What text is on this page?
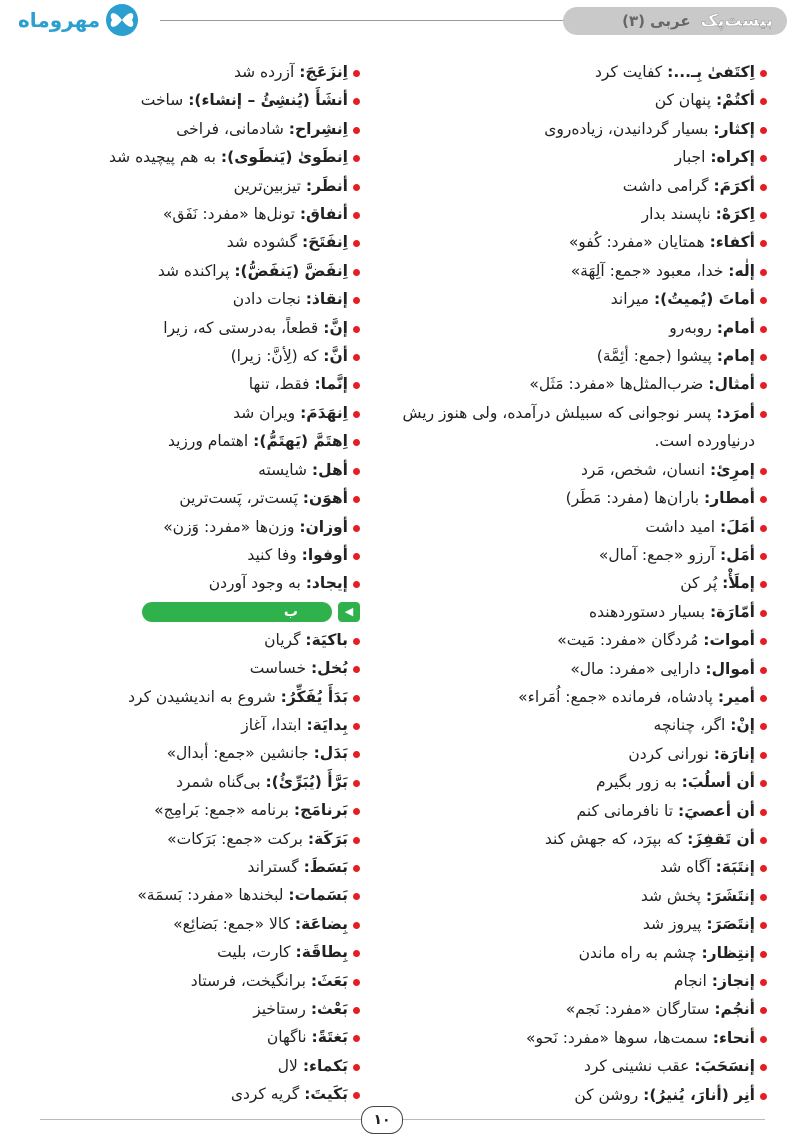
مهروماه	بیست‌پک
عربی (۳)
اِکتَفیٰ بِـ...: کفایت کرد
أکتُمْ: پنهان کن
إکثار: بسیار گردانیدن، زیاده‌روی
إکراه: اجبار
أکرَمَ: گرامی داشت
اِکرَهْ: ناپسند بدار
أکفاء: همتایان «مفرد: کُفو»
إلٰه: خدا، معبود «جمع: آلِهَة»
أماتَ (یُمیتُ): میراند
أمام: روبه‌رو
إمام: پیشوا (جمع: أئِمَّة)
أمثال: ضرب‌المثل‌ها «مفرد: مَثَل»
أمرَد: پسر نوجوانی که سبیلش درآمده، ولی هنوز ریش درنیاورده است.
إمرِئ: انسان، شخص، مَرد
أمطار: باران‌ها (مفرد: مَطَر)
أمَلَ: امید داشت
أمَل: آرزو «جمع: آمال»
إملَأْ: پُر کن
أمّارَة: بسیار دستوردهنده
أموات: مُردگان «مفرد: مَیت»
أموال: دارایی «مفرد: مال»
أمیر: پادشاه، فرمانده «جمع: اُمَراء»
إنْ: اگر، چنانچه
إنارَة: نورانی کردن
أن أسلُبَ: به زور بگیرم
أن أعصيَ: تا نافرمانی کنم
أن تَقفِزَ: که بپرَد، که جهش کند
إنتَبَهَ: آگاه شد
إنتَشَرَ: پخش شد
إنتَصَرَ: پیروز شد
إنتِظار: چشم به راه ماندن
إنجاز: انجام
أنجُم: ستارگان «مفرد: نَجم»
أنحاء: سمت‌ها، سوها «مفرد: نَحو»
إنسَحَبَ: عقب نشینی کرد
أنِر (أنارَ، یُنیرُ): روشن کن
اِنزَعَجَ: آزرده شد
أنشَأَ (یُنشِئُ – إنشاء): ساخت
اِنشِراح: شادمانی، فراخی
اِنطَویٰ (یَنطَوی): به هم پیچیده شد
أنطَر: تیزبین‌ترین
أنفاق: تونل‌ها «مفرد: نَفَق»
اِنفَتَحَ: گشوده شد
اِنفَضَّ (یَنفَضُّ): پراکنده شد
إنقاذ: نجات دادن
إنَّ: قطعاً، به‌درستی که، زیرا
أنَّ: که (لِأنَّ: زیرا)
إنَّما: فقط، تنها
اِنهَدَمَ: ویران شد
اِهتَمَّ (یَهتَمُّ): اهتمام ورزید
أهل: شایسته
أهوَن: پَست‌تر، پَست‌ترین
أوزان: وزن‌ها «مفرد: وَزن»
أوفوا: وفا کنید
إیجاد: به وجود آوردن
◀
ب
باکیَة: گریان
بُخل: خساست
بَدَأَ یُفَکِّرُ: شروع به اندیشیدن کرد
بِدایَة: ابتدا، آغاز
بَدَل: جانشین «جمع: أبدال»
بَرَّأَ (یُبَرِّئُ): بی‌گناه شمرد
بَرنامَج: برنامه «جمع: بَرامِج»
بَرَکَة: برکت «جمع: بَرَکات»
بَسَطَ: گستراند
بَسَمات: لبخندها «مفرد: بَسمَة»
بِضاعَة: کالا «جمع: بَضائِع»
بِطاقَة: کارت، بلیت
بَعَثَ: برانگیخت، فرستاد
بَعْث: رستاخیز
بَغتَةً: ناگهان
بَکماء: لال
بَکَیتَ: گریه کردی
۱۰
